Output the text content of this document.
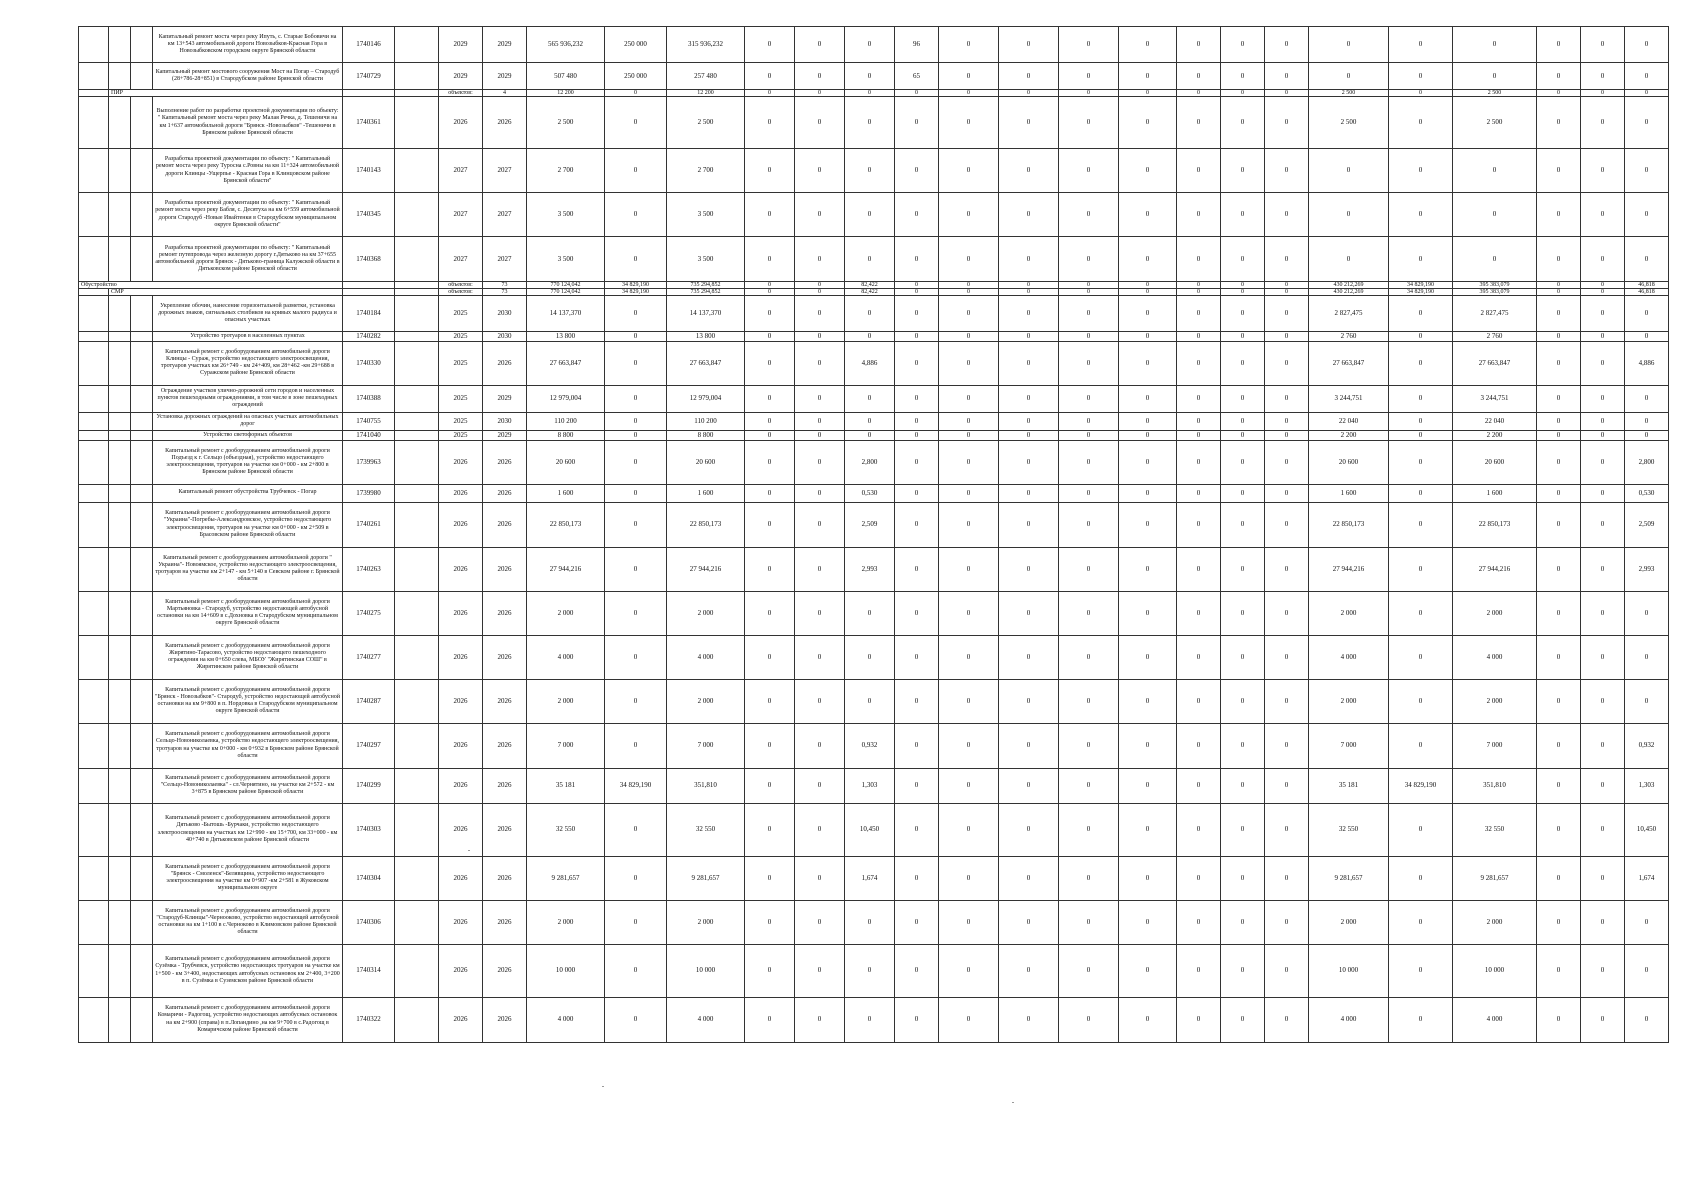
			Капитальный ремонт моста через реку Ипуть, с. Старые Бобовичи на км 13+543 автомобильной дороги Новозыбков-Красная Гора в Новозыбковском городском округе Брянской области	1740146		2029	2029	565 936,232	250 000	315 936,232	0	0	0	96	0	0	0	0	0	0	0	0	0	0	0	0	0
			Капитальный ремонт мостового сооружения Мост на Погар – Стародуб (28+786-28+851) в Стародубском районе Брянской области	1740729		2029	2029	507 480	250 000	257 480	0	0	0	65	0	0	0	0	0	0	0	0	0	0	0	0	0
	ПИР					объектов:	4	12 200	0	12 200	0	0	0	0	0	0	0	0	0	0	0	2 500	0	2 500	0	0	0
			Выполнение работ по разработке проектной документации по объекту: " Капитальный ремонт моста через реку Малая Речка, д. Тешеничи на км 1+637 автомобильной дороги "Брянск -Новозыбков" -Тешеничи в Брянском районе Брянской области	1740361		2026	2026	2 500	0	2 500	0	0	0	0	0	0	0	0	0	0	0	2 500	0	2 500	0	0	0
			Разработка проектной документации по объекту: " Капитальный ремонт моста через реку Туросна с.Ровны на км 11+324 автомобильной дороги Клинцы -Ущерпье - Красная Гора в Клинцовском районе Брянской области"	1740143		2027	2027	2 700	0	2 700	0	0	0	0	0	0	0	0	0	0	0	0	0	0	0	0	0
			Разработка проектной документации по объекту: " Капитальный ремонт моста через реку Бабля, с. Десятуха на км 6+559 автомобильной дороги Стародуб -Новые Ивайтенки в Стародубском муниципальном округе Брянской области"	1740345		2027	2027	3 500	0	3 500	0	0	0	0	0	0	0	0	0	0	0	0	0	0	0	0	0
			Разработка проектной документации по объекту: " Капитальный ремонт путепровода через железную дорогу г.Дятьково на км 37+655 автомобильной дороги Брянск - Дятьково-граница Калужской области в Дятьковском районе Брянской области	1740368		2027	2027	3 500	0	3 500	0	0	0	0	0	0	0	0	0	0	0	0	0	0	0	0	0
Обустройство						объектов:	73	770 124,042	34 829,190	735 294,852	0	0	82,422	0	0	0	0	0	0	0	0	430 212,269	34 829,190	395 383,079	0	0	46,818
	СМР					объектов:	73	770 124,042	34 829,190	735 294,852	0	0	82,422	0	0	0	0	0	0	0	0	430 212,269	34 829,190	395 383,079	0	0	46,818
			Укрепление обочин, нанесение горизонтальной разметки, установка дорожных знаков, сигнальных столбиков на кривых малого радиуса и опасных участках	1740184		2025	2030	14 137,370	0	14 137,370	0	0	0	0	0	0	0	0	0	0	0	2 827,475	0	2 827,475	0	0	0
			Устройство тротуаров в населенных пунктах	1740282		2025	2030	13 800	0	13 800	0	0	0	0	0	0	0	0	0	0	0	2 760	0	2 760	0	0	0
			Капитальный ремонт с дооборудованием автомобильной дороги Клинцы - Сураж, устройство недостающего электроосвещения, тротуаров участках км 26+749 - км 24+409, км 28+462 -км 29+688 в Суражском районе Брянской области	1740330		2025	2026	27 663,847	0	27 663,847	0	0	4,886	0	0	0	0	0	0	0	0	27 663,847	0	27 663,847	0	0	4,886
			Ограждение участков улично-дорожной сети городов и населенных пунктов пешеходными ограждениями, в том числе в зоне пешеходных ограждений	1740388		2025	2029	12 979,004	0	12 979,004	0	0	0	0	0	0	0	0	0	0	0	3 244,751	0	3 244,751	0	0	0
			Установка дорожных ограждений на опасных участках автомобильных дорог	1740755		2025	2030	110 200	0	110 200	0	0	0	0	0	0	0	0	0	0	0	22 040	0	22 040	0	0	0
			Устройство светофорных объектов	1741040		2025	2029	8 800	0	8 800	0	0	0	0	0	0	0	0	0	0	0	2 200	0	2 200	0	0	0
			Капитальный ремонт с дооборудованием автомобильной дороги Подъезд к г. Сельцо (объездная), устройство недостающего электроосвещения, тротуаров на участке км 0+000 - км 2+800 в Брянском районе Брянской области	1739963		2026	2026	20 600	0	20 600	0	0	2,800	0	0	0	0	0	0	0	0	20 600	0	20 600	0	0	2,800
			Капитальный ремонт обустройства Трубчевск - Погар	1739980		2026	2026	1 600	0	1 600	0	0	0,530	0	0	0	0	0	0	0	0	1 600	0	1 600	0	0	0,530
			Капитальный ремонт с дооборудованием автомобильной дороги "Украина"-Погребы-Александровское, устройство недостающего электроосвещения, тротуаров на участке км 0+000 - км 2+509 в Брасовском районе Брянской области	1740261		2026	2026	22 850,173	0	22 850,173	0	0	2,509	0	0	0	0	0	0	0	0	22 850,173	0	22 850,173	0	0	2,509
			Капитальный ремонт с дооборудованием автомобильной дороги " Украина"- Новоямское, устройство недостающего электроосвещения, тротуаров на участке км 2+147 - км 5+140 в Севском районе г. Брянской области	1740263		2026	2026	27 944,216	0	27 944,216	0	0	2,993	0	0	0	0	0	0	0	0	27 944,216	0	27 944,216	0	0	2,993
			Капитальный ремонт с дооборудованием автомобильной дороги Мартьяновка - Стародуб, устройство недостающей автобусной остановки на км 14+609 в с.Дохновка в Стародубском муниципальном округе Брянской области	1740275		2026	2026	2 000	0	2 000	0	0	0	0	0	0	0	0	0	0	0	2 000	0	2 000	0	0	0
			Капитальный ремонт с дооборудованием автомобильной дороги Жирятино-Тарасово, устройство недостающего пешеходного ограждения на км 0+650 слева, МБОУ "Жирятинская СОШ" в Жирятинском районе Брянской области	1740277		2026	2026	4 000	0	4 000	0	0	0	0	0	0	0	0	0	0	0	4 000	0	4 000	0	0	0
			Капитальный ремонт с дооборудованием автомобильной дороги "Брянск - Новозыбков"- Стародуб, устройство недостающей автобусной остановки на км 9+800 в п. Нордовка в Стародубском муниципальном округе Брянской области	1740287		2026	2026	2 000	0	2 000	0	0	0	0	0	0	0	0	0	0	0	2 000	0	2 000	0	0	0
			Капитальный ремонт с дооборудованием автомобильной дороги Сельцо-Новониколаевка, устройство недостающего электроосвещения, тротуаров на участке км 0+000 - км 0+932 в Брянском районе Брянской области	1740297		2026	2026	7 000	0	7 000	0	0	0,932	0	0	0	0	0	0	0	0	7 000	0	7 000	0	0	0,932
			Капитальный ремонт с дооборудованием автомобильной дороги "Сельцо-Новониколаевка" - сл.Чернятино, на участке км 2+572 - км 3+875 в Брянском районе Брянской области	1740299		2026	2026	35 181	34 829,190	351,810	0	0	1,303	0	0	0	0	0	0	0	0	35 181	34 829,190	351,810	0	0	1,303
			Капитальный ремонт с дооборудованием автомобильной дороги Дятьково -Бытошь -Бурчаки, устройство недостающего электроосвещения на участках км 12+990 - км 15+700, км 33+000 - км 40+740 в Дятьковском районе Брянской области	1740303		2026	2026	32 550	0	32 550	0	0	10,450	0	0	0	0	0	0	0	0	32 550	0	32 550	0	0	10,450
			Капитальный ремонт с дооборудованием автомобильной дороги "Брянск - Смоленск"-Белявщина, устройство недостающего электроосвещения на участке км 0+907 -км 2+581 в Жуковском муниципальном округе	1740304		2026	2026	9 281,657	0	9 281,657	0	0	1,674	0	0	0	0	0	0	0	0	9 281,657	0	9 281,657	0	0	1,674
			Капитальный ремонт с дооборудованием автомобильной дороги "Стародуб-Клинцы"-Чернооково, устройство недостающей автобусной остановки на км 1+100 в с.Черноково в Климовском районе Брянской области	1740306		2026	2026	2 000	0	2 000	0	0	0	0	0	0	0	0	0	0	0	2 000	0	2 000	0	0	0
			Капитальный ремонт с дооборудованием автомобильной дороги Сузёмка - Трубчевск, устройство недостающих тротуаров на участке км 1+500 - км 3+400, недостающих автобусных остановок км 2+400, 3+200 в п. Сузёмка в Суземском районе Брянской области	1740314		2026	2026	10 000	0	10 000	0	0	0	0	0	0	0	0	0	0	0	10 000	0	10 000	0	0	0
			Капитальный ремонт с дооборудованием автомобильной дороги Комаричи - Радогощ, устройство недостающих автобусных остановок на км 2+900 (справа) в п.Лопандино ,на км 9+700 в с.Радогощ в Комаричском районе Брянской области	1740322		2026	2026	4 000	0	4 000	0	0	0	0	0	0	0	0	0	0	0	4 000	0	4 000	0	0	0
